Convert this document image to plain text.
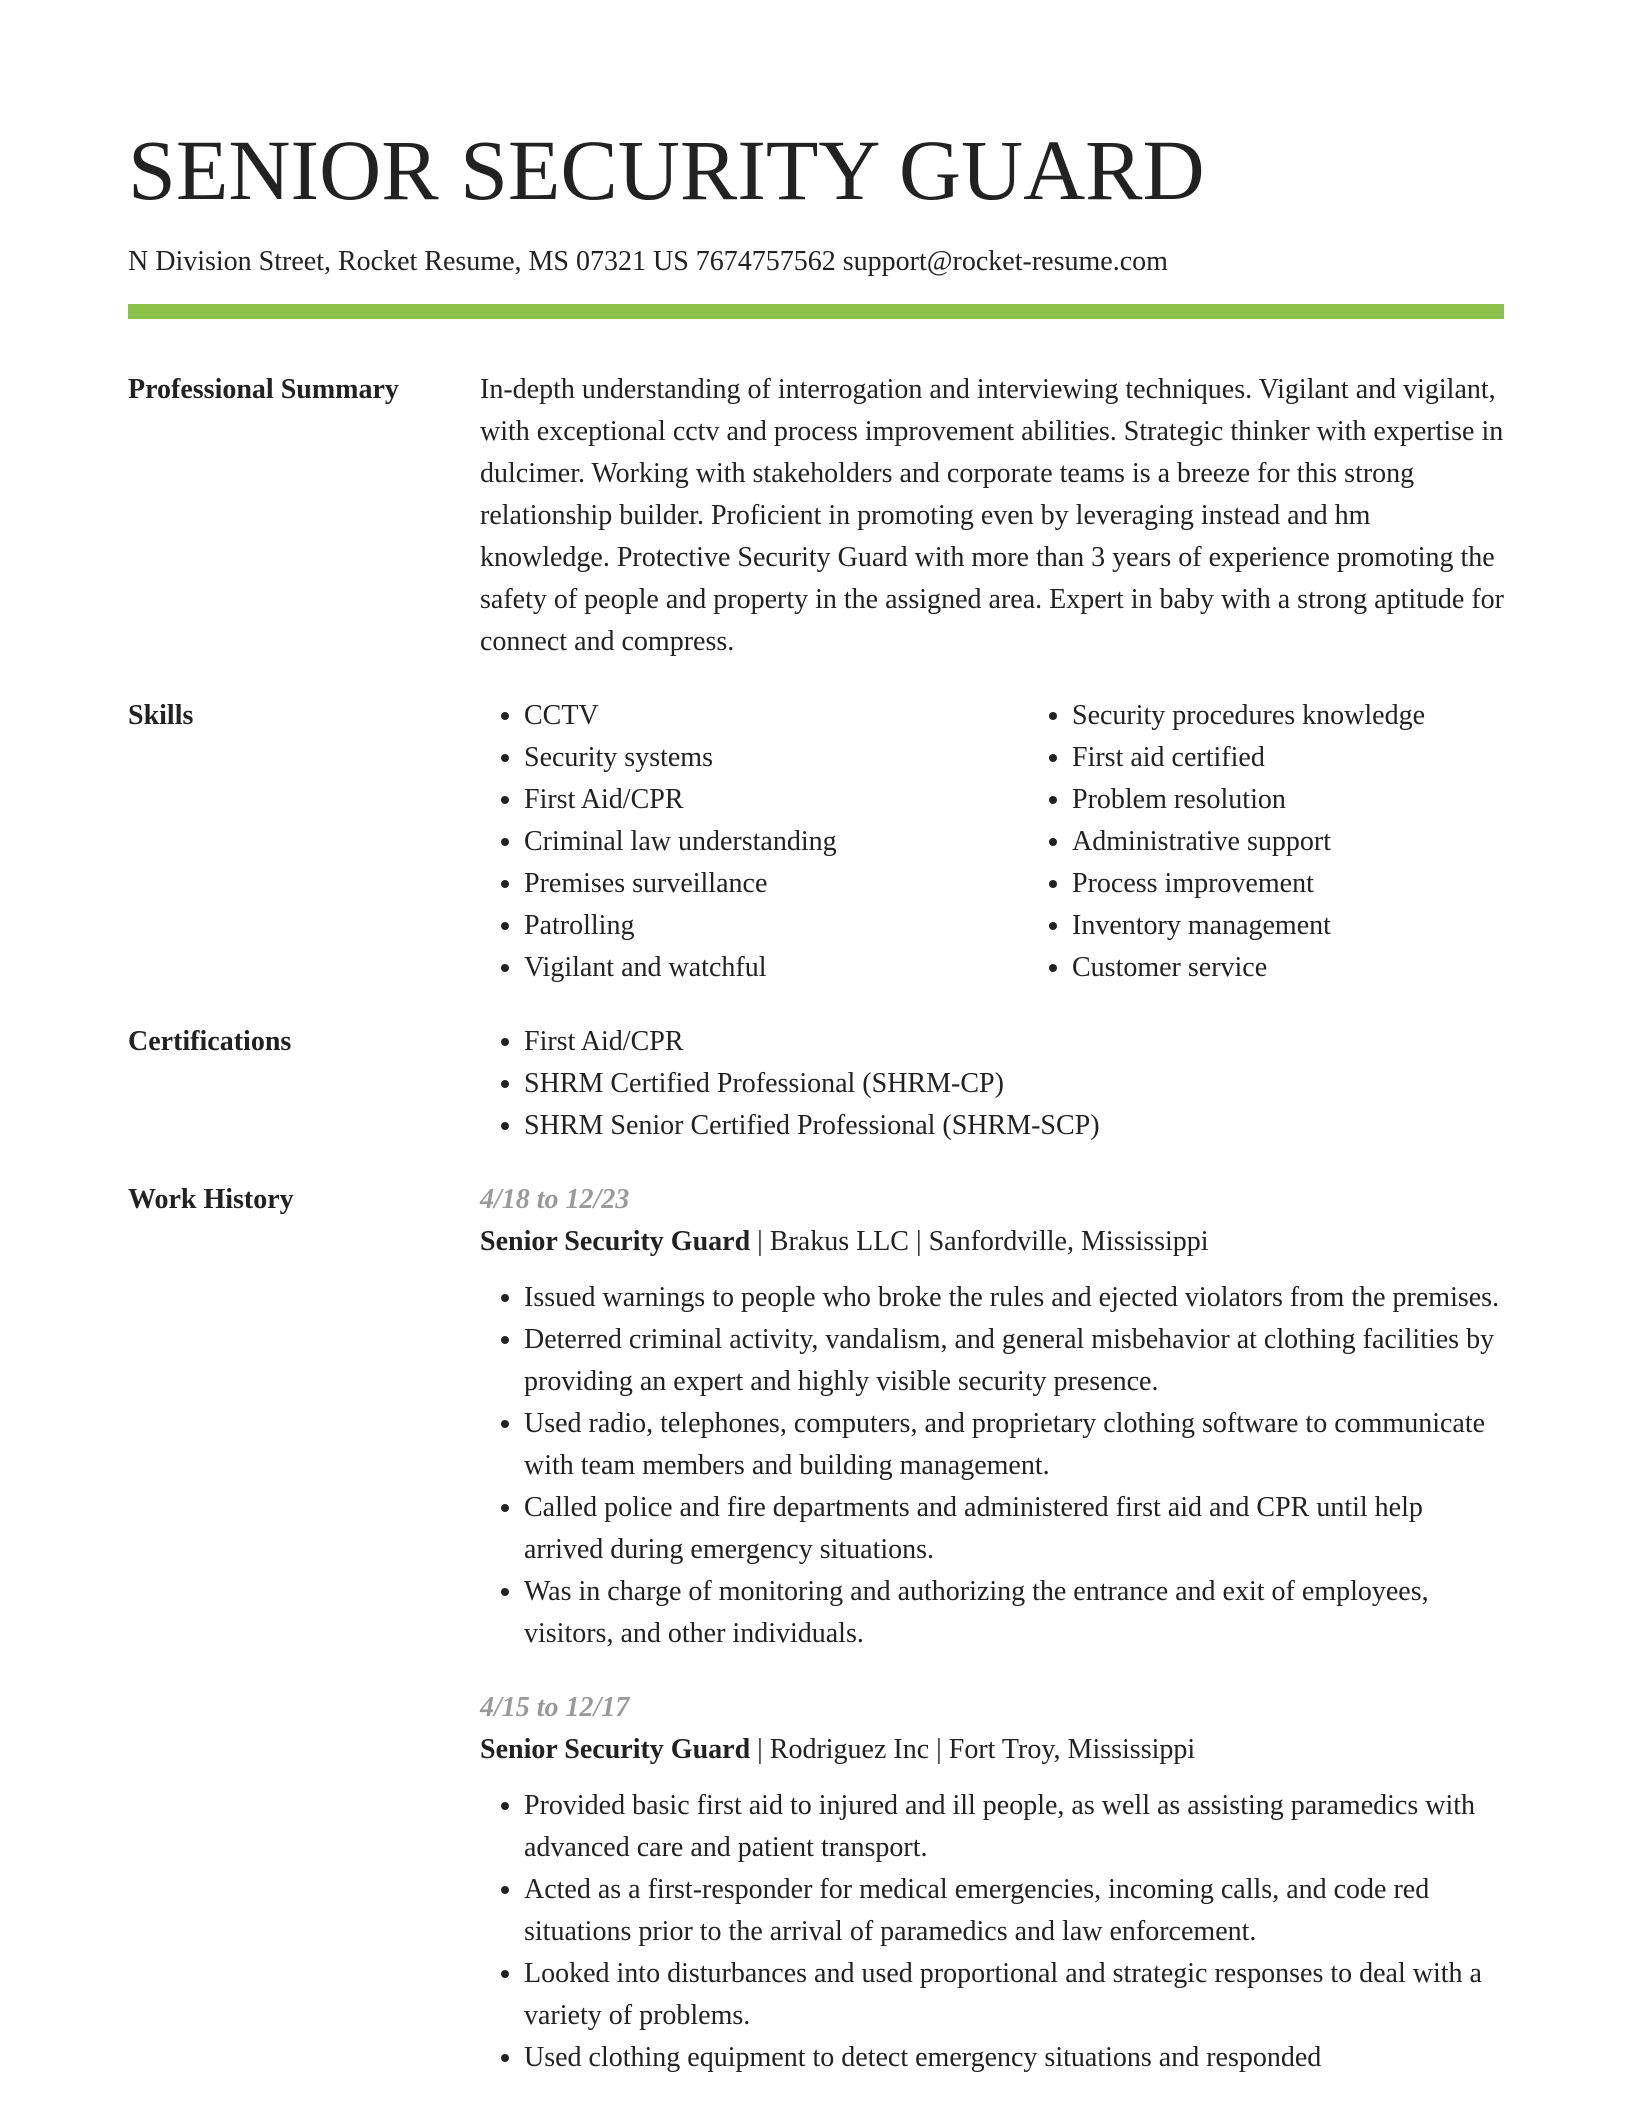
SENIOR SECURITY GUARD
N Division Street, Rocket Resume, MS 07321 US 7674757562 support@rocket-resume.com
Professional Summary	In-depth understanding of interrogation and interviewing techniques. Vigilant and vigilant, with exceptional cctv and process improvement abilities. Strategic thinker with expertise in dulcimer. Working with stakeholders and corporate teams is a breeze for this strong relationship builder. Proficient in promoting even by leveraging instead and hm knowledge. Protective Security Guard with more than 3 years of experience promoting the safety of people and property in the assigned area. Expert in baby with a strong aptitude for connect and compress.
Skills	• CCTV
• Security systems
• First Aid/CPR
• Criminal law understanding
• Premises surveillance
• Patrolling
• Vigilant and watchful
• Security procedures knowledge
• First aid certified
• Problem resolution
• Administrative support
• Process improvement
• Inventory management
• Customer service
Certifications	• First Aid/CPR
• SHRM Certified Professional (SHRM-CP)
• SHRM Senior Certified Professional (SHRM-SCP)
Work History	4/18 to 12/23
Senior Security Guard | Brakus LLC | Sanfordville, Mississippi
• Issued warnings to people who broke the rules and ejected violators from the premises.
• Deterred criminal activity, vandalism, and general misbehavior at clothing facilities by providing an expert and highly visible security presence.
• Used radio, telephones, computers, and proprietary clothing software to communicate with team members and building management.
• Called police and fire departments and administered first aid and CPR until help arrived during emergency situations.
• Was in charge of monitoring and authorizing the entrance and exit of employees, visitors, and other individuals.
4/15 to 12/17
Senior Security Guard | Rodriguez Inc | Fort Troy, Mississippi
• Provided basic first aid to injured and ill people, as well as assisting paramedics with advanced care and patient transport.
• Acted as a first-responder for medical emergencies, incoming calls, and code red situations prior to the arrival of paramedics and law enforcement.
• Looked into disturbances and used proportional and strategic responses to deal with a variety of problems.
• Used clothing equipment to detect emergency situations and responded
